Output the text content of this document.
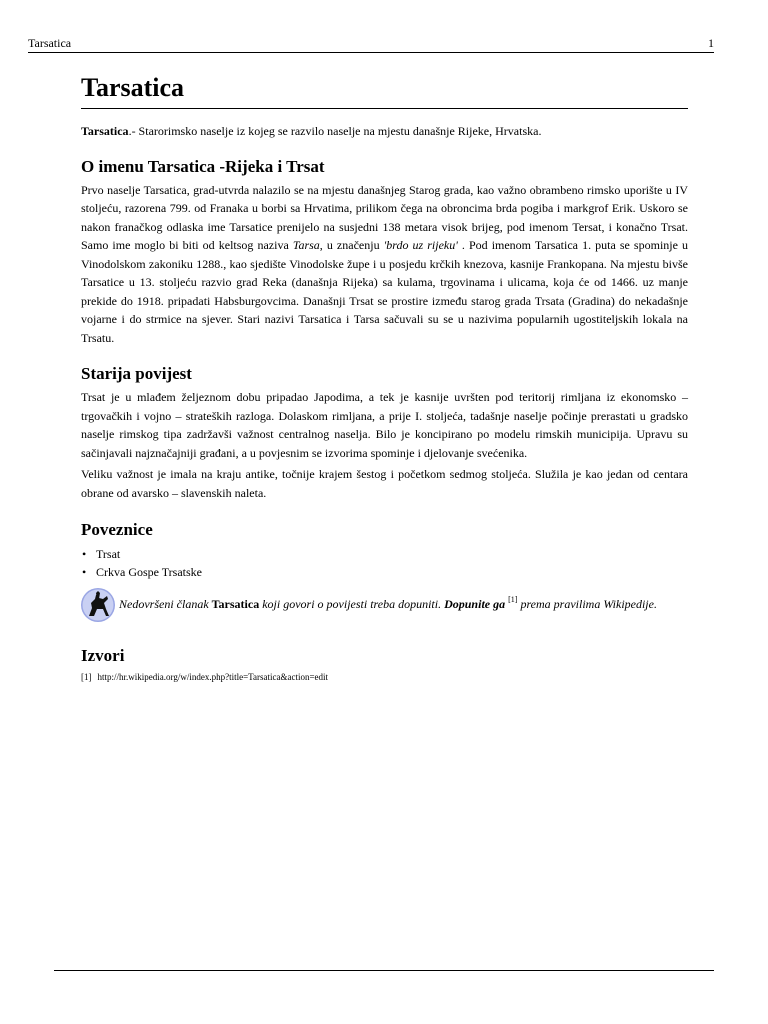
Tarsatica	1
Tarsatica

Tarsatica.- Starorimsko naselje iz kojeg se razvilo naselje na mjestu današnje Rijeke, Hrvatska.

O imenu Tarsatica -Rijeka i Trsat

Prvo naselje Tarsatica, grad-utvrda nalazilo se na mjestu današnjeg Starog grada, kao važno obrambeno rimsko uporište u IV stoljeću, razorena 799. od Franaka u borbi sa Hrvatima, prilikom čega na obroncima brda pogiba i markgrof Erik. Uskoro se nakon franačkog odlaska ime Tarsatice prenijelo na susjedni 138 metara visok brijeg, pod imenom Tersat, i konačno Trsat. Samo ime moglo bi biti od keltsog naziva Tarsa, u značenju 'brdo uz rijeku' . Pod imenom Tarsatica 1. puta se spominje u Vinodolskom zakoniku 1288., kao sjedište Vinodolske župe i u posjedu krčkih knezova, kasnije Frankopana. Na mjestu bivše Tarsatice u 13. stoljeću razvio grad Reka (današnja Rijeka) sa kulama, trgovinama i ulicama, koja će od 1466. uz manje prekide do 1918. pripadati Habsburgovcima. Današnji Trsat se prostire između starog grada Trsata (Gradina) do nekadašnje vojarne i do strmice na sjever. Stari nazivi Tarsatica i Tarsa sačuvali su se u nazivima popularnih ugostiteljskih lokala na Trsatu.

Starija povijest

Trsat je u mlađem željeznom dobu pripadao Japodima, a tek je kasnije uvršten pod teritorij rimljana iz ekonomsko – trgovačkih i vojno – strateških razloga. Dolaskom rimljana, a prije I. stoljeća, tadašnje naselje počinje prerastati u gradsko naselje rimskog tipa zadržavši važnost centralnog naselja. Bilo je koncipirano po modelu rimskih municipija. Upravu su sačinjavali najznačajniji građani, a u povjesnim se izvorima spominje i djelovanje svećenika.

Veliku važnost je imala na kraju antike, točnije krajem šestog i početkom sedmog stoljeća. Služila je kao jedan od centara obrane od avarsko – slavenskih naleta.

Poveznice
• Trsat
• Crkva Gospe Trsatske

Nedovršeni članak Tarsatica koji govori o povijesti treba dopuniti. Dopunite ga [1] prema pravilima Wikipedije.

Izvori
[1] http://hr.wikipedia.org/w/index.php?title=Tarsatica&action=edit
